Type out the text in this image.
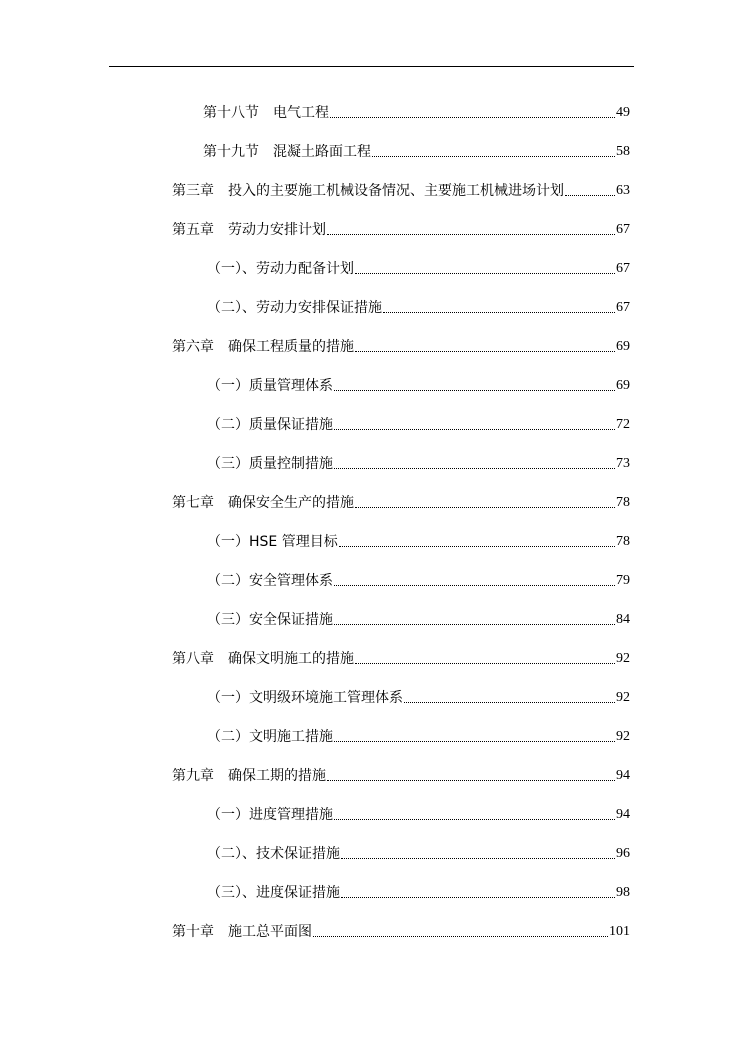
第十八节 电气工程	49
第十九节 混凝土路面工程	58
第三章 投入的主要施工机械设备情况、主要施工机械进场计划	63
第五章 劳动力安排计划	67
（一）、劳动力配备计划	67
（二）、劳动力安排保证措施	67
第六章 确保工程质量的措施	69
（一）质量管理体系	69
（二）质量保证措施	72
（三）质量控制措施	73
第七章 确保安全生产的措施	78
（一）HSE 管理目标	78
（二）安全管理体系	79
（三）安全保证措施	84
第八章 确保文明施工的措施	92
（一）文明级环境施工管理体系	92
（二）文明施工措施	92
第九章 确保工期的措施	94
（一）进度管理措施	94
（二）、技术保证措施	96
（三）、进度保证措施	98
第十章 施工总平面图	101
